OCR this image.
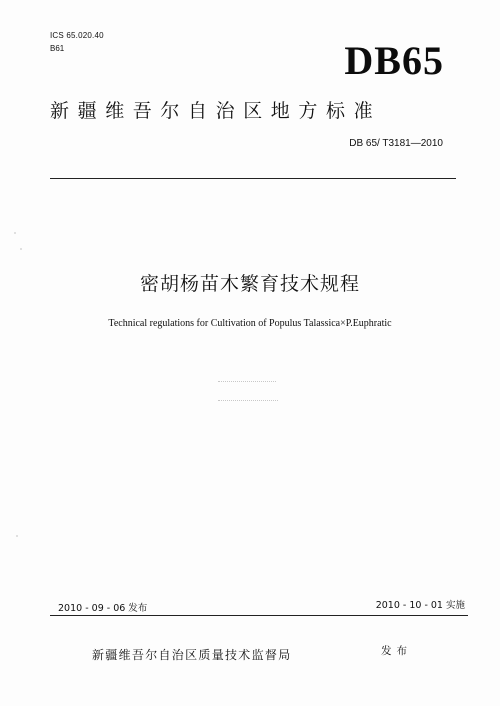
ICS 65.020.40
B61	DB65
新疆维吾尔自治区地方标准
DB 65/ T3181—2010
密胡杨苗木繁育技术规程
Technical regulations for Cultivation of Populus Talassica×P.Euphratic
2010 - 09 - 06 发布	2010 - 10 - 01 实施
新疆维吾尔自治区质量技术监督局	发布
